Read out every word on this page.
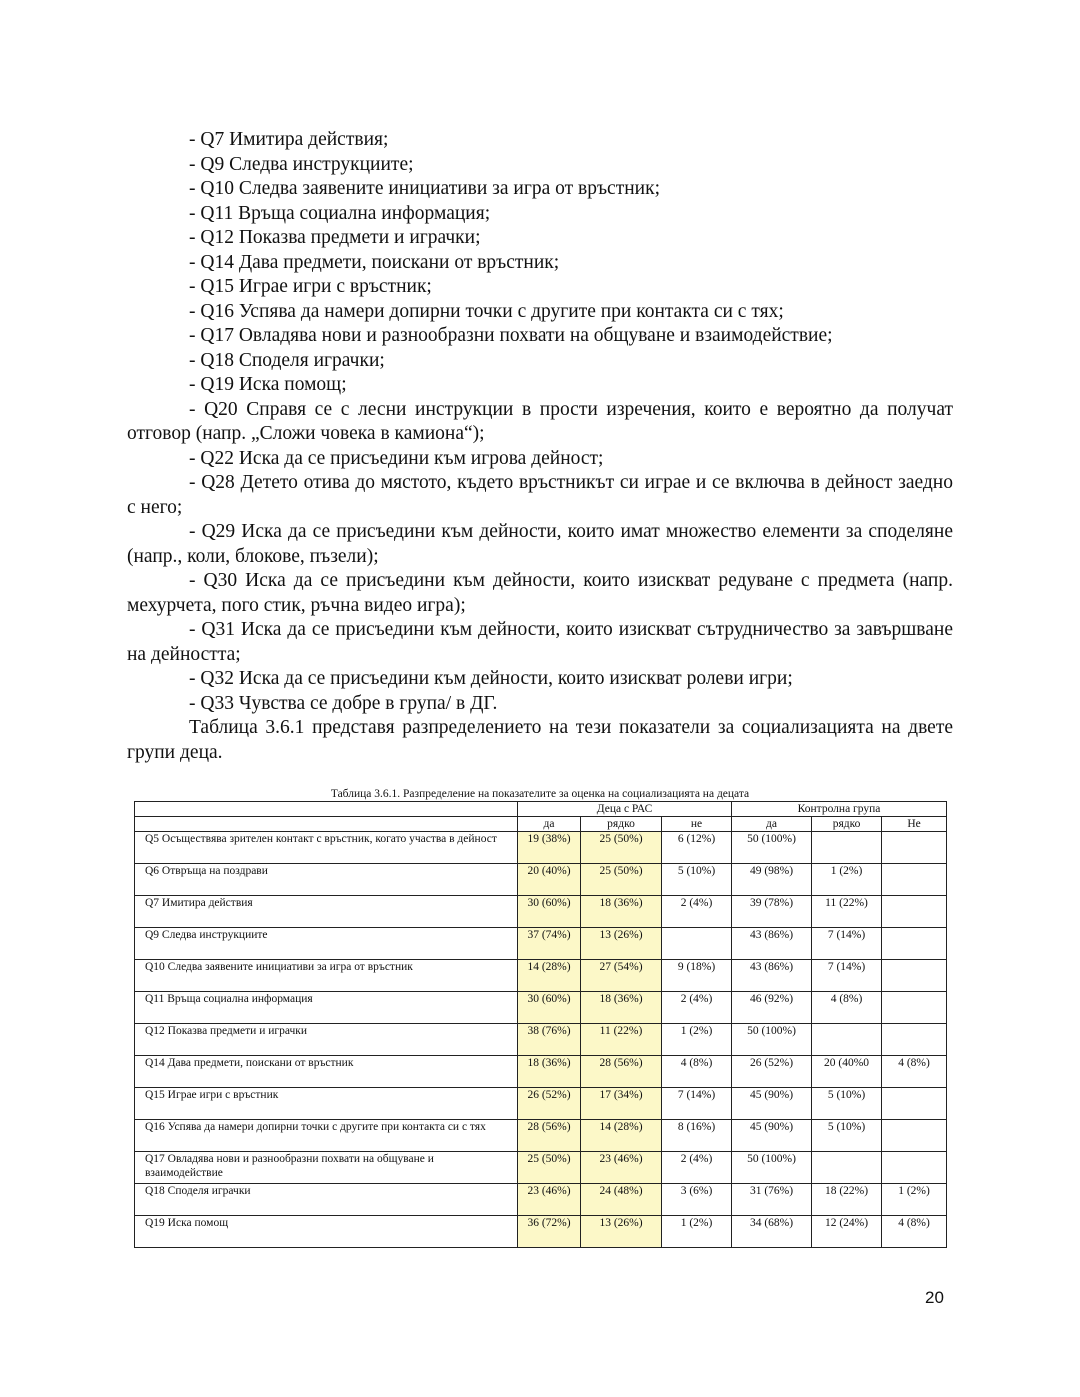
- Q7 Имитира действия;

- Q9 Следва инструкциите;

- Q10 Следва заявените инициативи за игра от връстник;

- Q11 Връща социална информация;

- Q12 Показва предмети и играчки;

- Q14 Дава предмети, поискани от връстник;

- Q15 Играе игри с връстник;

- Q16 Успява да намери допирни точки с другите при контакта си с тях;

- Q17 Овладява нови и разнообразни похвати на общуване и взаимодействие;

- Q18 Споделя играчки;

- Q19 Иска помощ;

- Q20 Справя се с лесни инструкции в прости изречения, които е вероятно да получат отговор (напр. „Сложи човека в камиона“);

- Q22 Иска да се присъедини към игрова дейност;

- Q28 Детето отива до мястото, където връстникът си играе и се включва в дейност заедно с него;

- Q29 Иска да се присъедини към дейности, които имат множество елементи за споделяне (напр., коли, блокове, пъзели);

- Q30 Иска да се присъедини към дейности, които изискват редуване с предмета (напр. мехурчета, пого стик, ръчна видео игра);

- Q31 Иска да се присъедини към дейности, които изискват сътрудничество за завършване на дейността;

- Q32 Иска да се присъедини към дейности, които изискват ролеви игри;

- Q33 Чувства се добре в група/ в ДГ.

Таблица 3.6.1 представя разпределението на тези показатели за социализацията на двете групи деца.

Таблица 3.6.1. Разпределение на показателите за оценка на социализацията на децата
	Деца с РАС			Контролна група		
	да	рядко	не	да	рядко	Не
Q5 Осъществява зрителен контакт с връстник, когато участва в дейност	19 (38%)	25 (50%)	6 (12%)	50 (100%)		
Q6 Отвръща на поздрави	20 (40%)	25 (50%)	5 (10%)	49 (98%)	1 (2%)	
Q7 Имитира действия	30 (60%)	18 (36%)	2 (4%)	39 (78%)	11 (22%)	
Q9 Следва инструкциите	37 (74%)	13 (26%)		43 (86%)	7 (14%)	
Q10 Следва заявените инициативи за игра от връстник	14 (28%)	27 (54%)	9 (18%)	43 (86%)	7 (14%)	
Q11 Връща социална информация	30 (60%)	18 (36%)	2 (4%)	46 (92%)	4 (8%)	
Q12 Показва предмети и играчки	38 (76%)	11 (22%)	1 (2%)	50 (100%)		
Q14 Дава предмети, поискани от връстник	18 (36%)	28 (56%)	4 (8%)	26 (52%)	20 (40%0	4 (8%)
Q15 Играе игри с връстник	26 (52%)	17 (34%)	7 (14%)	45 (90%)	5 (10%)	
Q16 Успява да намери допирни точки с другите при контакта си с тях	28 (56%)	14 (28%)	8 (16%)	45 (90%)	5 (10%)	
Q17 Овладява нови и разнообразни похвати на общуване и взаимодействие	25 (50%)	23 (46%)	2 (4%)	50 (100%)		
Q18 Споделя играчки	23 (46%)	24 (48%)	3 (6%)	31 (76%)	18 (22%)	1 (2%)
Q19 Иска помощ	36 (72%)	13 (26%)	1 (2%)	34 (68%)	12 (24%)	4 (8%)
20
